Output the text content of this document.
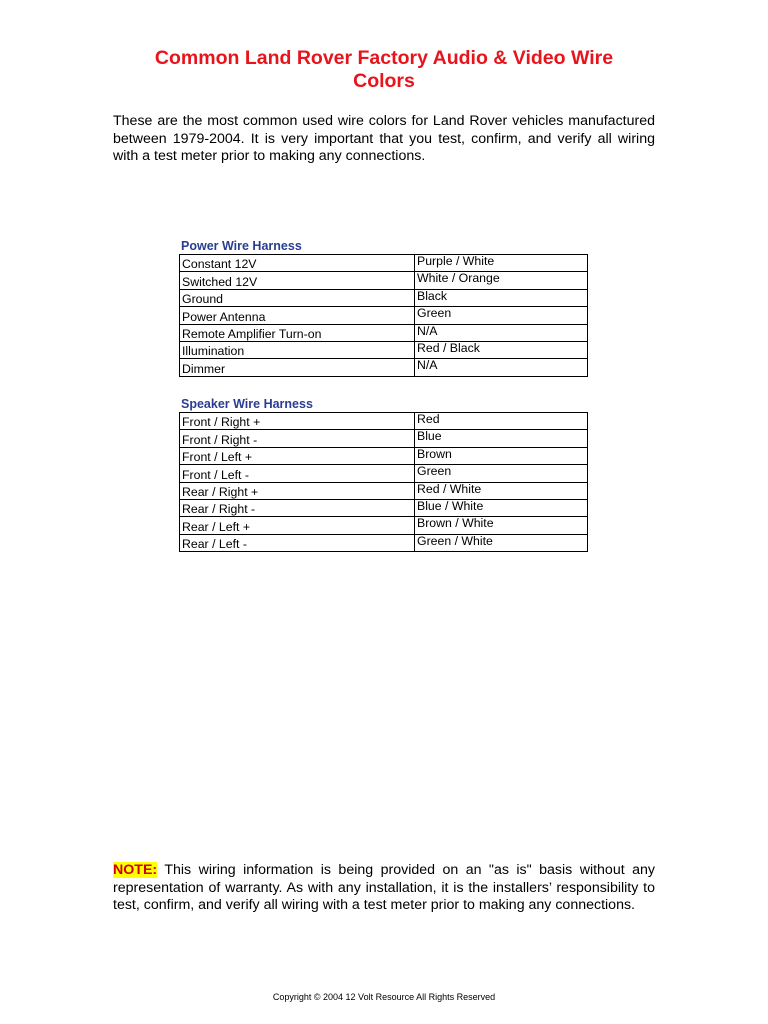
Common Land Rover Factory Audio & Video Wire
Colors
These are the most common used wire colors for Land Rover vehicles manufactured between 1979-2004. It is very important that you test, confirm, and verify all wiring with a test meter prior to making any connections.
Power Wire Harness
Constant 12V	Purple / White
Switched 12V	White / Orange
Ground	Black
Power Antenna	Green
Remote Amplifier Turn-on	N/A
Illumination	Red / Black
Dimmer	N/A
Speaker Wire Harness
Front / Right +	Red
Front / Right -	Blue
Front / Left +	Brown
Front / Left -	Green
Rear / Right +	Red / White
Rear / Right -	Blue / White
Rear / Left +	Brown / White
Rear / Left -	Green / White
NOTE: This wiring information is being provided on an "as is" basis without any representation of warranty. As with any installation, it is the installers’ responsibility to test, confirm, and verify all wiring with a test meter prior to making any connections.
Copyright © 2004 12 Volt Resource All Rights Reserved
